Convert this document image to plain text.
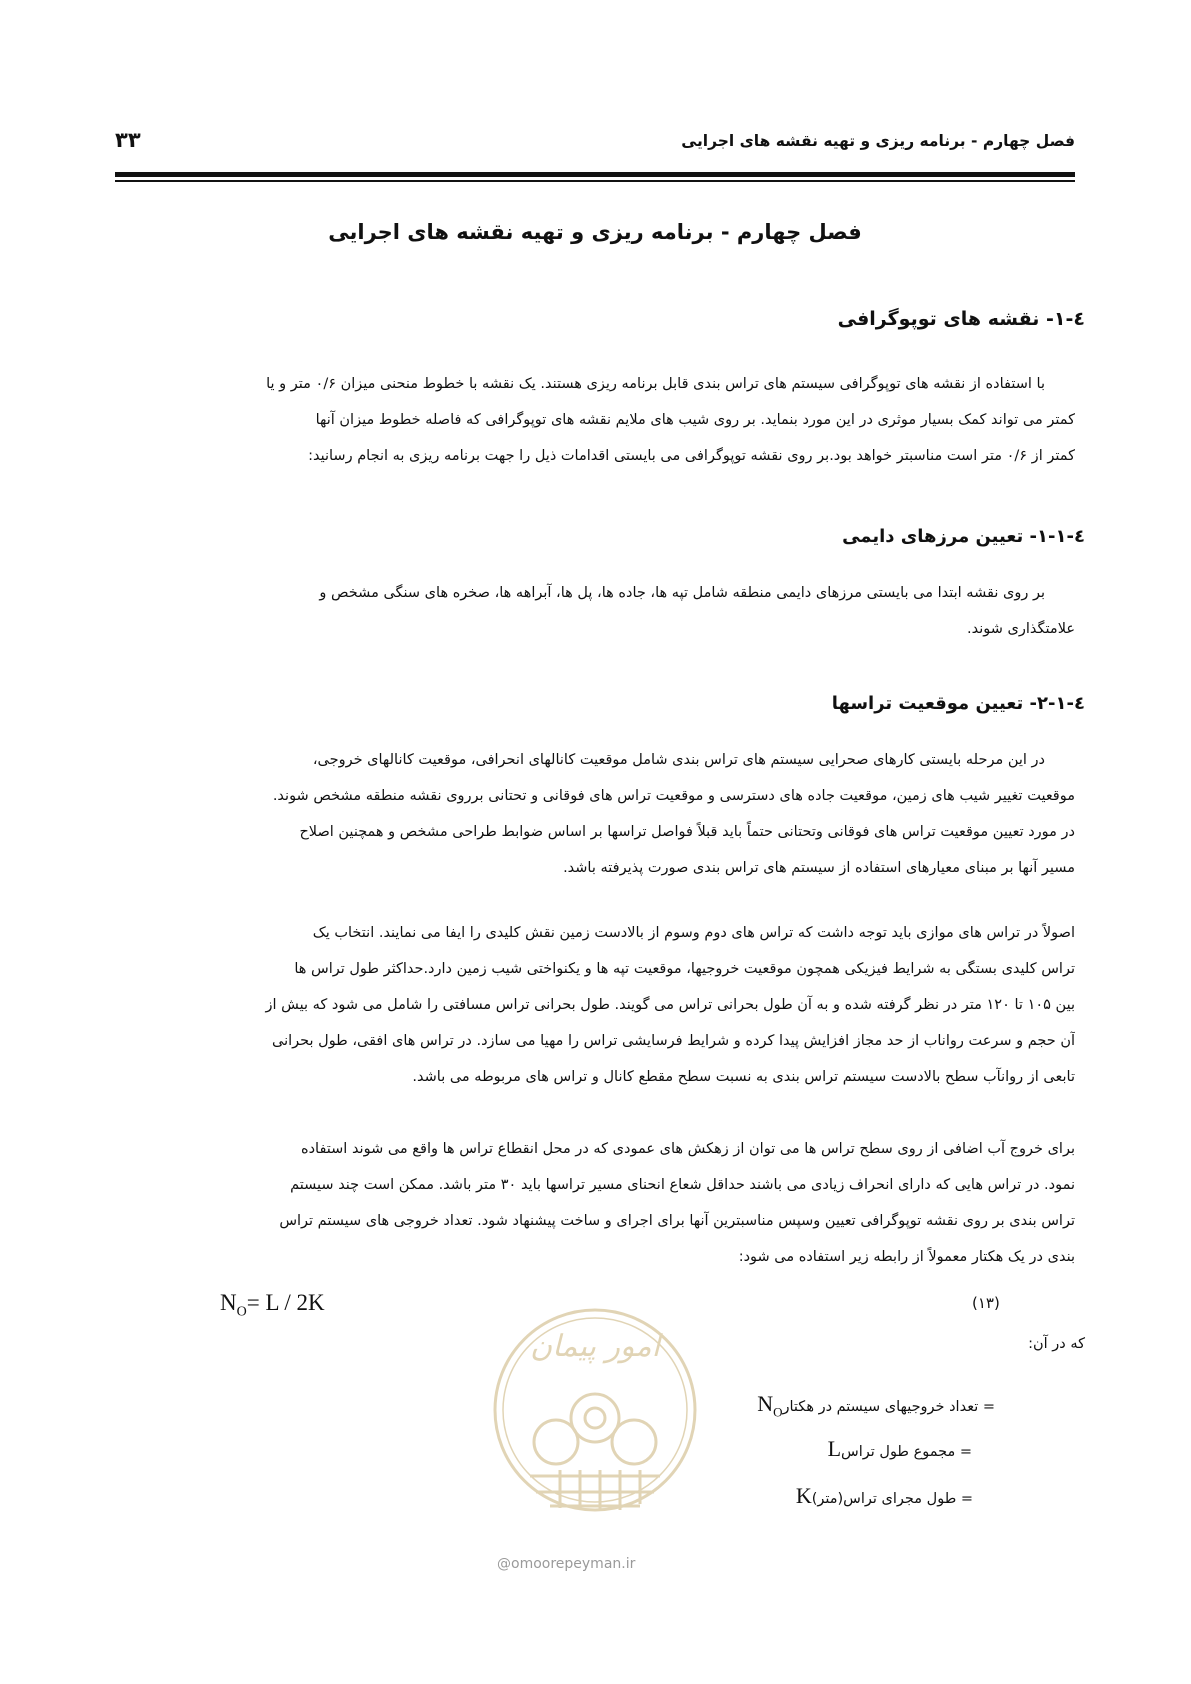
فصل چهارم - برنامه ریزی و تهیه نقشه های اجرایی
۳۳
فصل چهارم - برنامه ریزی و تهیه نقشه های اجرایی
٤-١- نقشه های توپوگرافی
با استفاده از نقشه های توپوگرافی سیستم های تراس بندی قابل برنامه ریزی هستند. یک نقشه با خطوط منحنی میزان ۰/۶ متر و یا
کمتر می تواند کمک بسیار موثری در این مورد بنماید. بر روی شیب های ملایم نقشه های توپوگرافی که فاصله خطوط میزان آنها
کمتر از ۰/۶ متر است مناسبتر خواهد بود.بر روی نقشه توپوگرافی می بایستی اقدامات ذیل را جهت برنامه ریزی به انجام رسانید:
٤-١-١- تعیین مرزهای دایمی
بر روی نقشه ابتدا می بایستی مرزهای دایمی منطقه شامل تپه ها، جاده ها، پل ها، آبراهه ها، صخره های سنگی مشخص و
علامتگذاری شوند.
٤-١-٢- تعیین موقعیت تراسها
در این مرحله بایستی کارهای صحرایی سیستم های تراس بندی شامل موقعیت کانالهای انحرافی، موقعیت کانالهای خروجی،
موقعیت تغییر شیب های زمین، موقعیت جاده های دسترسی و موقعیت تراس های فوقانی و تحتانی برروی نقشه منطقه مشخص شوند.
در مورد تعیین موقعیت تراس های فوقانی وتحتانی حتماً باید قبلاً فواصل تراسها بر اساس ضوابط طراحی مشخص و همچنین اصلاح
مسیر آنها بر مبنای معیارهای استفاده از سیستم های تراس بندی صورت پذیرفته باشد.
اصولاً در تراس های موازی باید توجه داشت که تراس های دوم وسوم از بالادست زمین نقش کلیدی را ایفا می نمایند. انتخاب یک
تراس کلیدی بستگی به شرایط فیزیکی همچون موقعیت خروجیها، موقعیت تپه ها و یکنواختی شیب زمین دارد.حداکثر طول تراس ها
بین ۱۰۵ تا ۱۲۰ متر در نظر گرفته شده و به آن طول بحرانی تراس می گویند. طول بحرانی تراس مسافتی را شامل می شود که بیش از
آن حجم و سرعت رواناب از حد مجاز افزایش پیدا کرده و شرایط فرسایشی تراس را مهیا می سازد. در تراس های افقی، طول بحرانی
تابعی از روانآب سطح بالادست سیستم تراس بندی به نسبت سطح مقطع کانال و تراس های مربوطه می باشد.
برای خروج آب اضافی از روی سطح تراس ها می توان از زهکش های عمودی که در محل انقطاع تراس ها واقع می شوند استفاده
نمود. در تراس هایی که دارای انحراف زیادی می باشند حداقل شعاع انحنای مسیر تراسها باید ۳۰ متر باشد. ممکن است چند سیستم
تراس بندی بر روی نقشه توپوگرافی تعیین وسپس مناسبترین آنها برای اجرای و ساخت پیشنهاد شود. تعداد خروجی های سیستم تراس
بندی در یک هکتار معمولاً از رابطه زیر استفاده می شود:
$N_O= L / 2K$	(۱۳)
که در آن:
امور پیمان
@omoorepeyman.ir
= تعداد خروجیهای سیستم در هکتارN$_O$
= مجموع طول تراسL
= طول مجرای تراس(متر)K
